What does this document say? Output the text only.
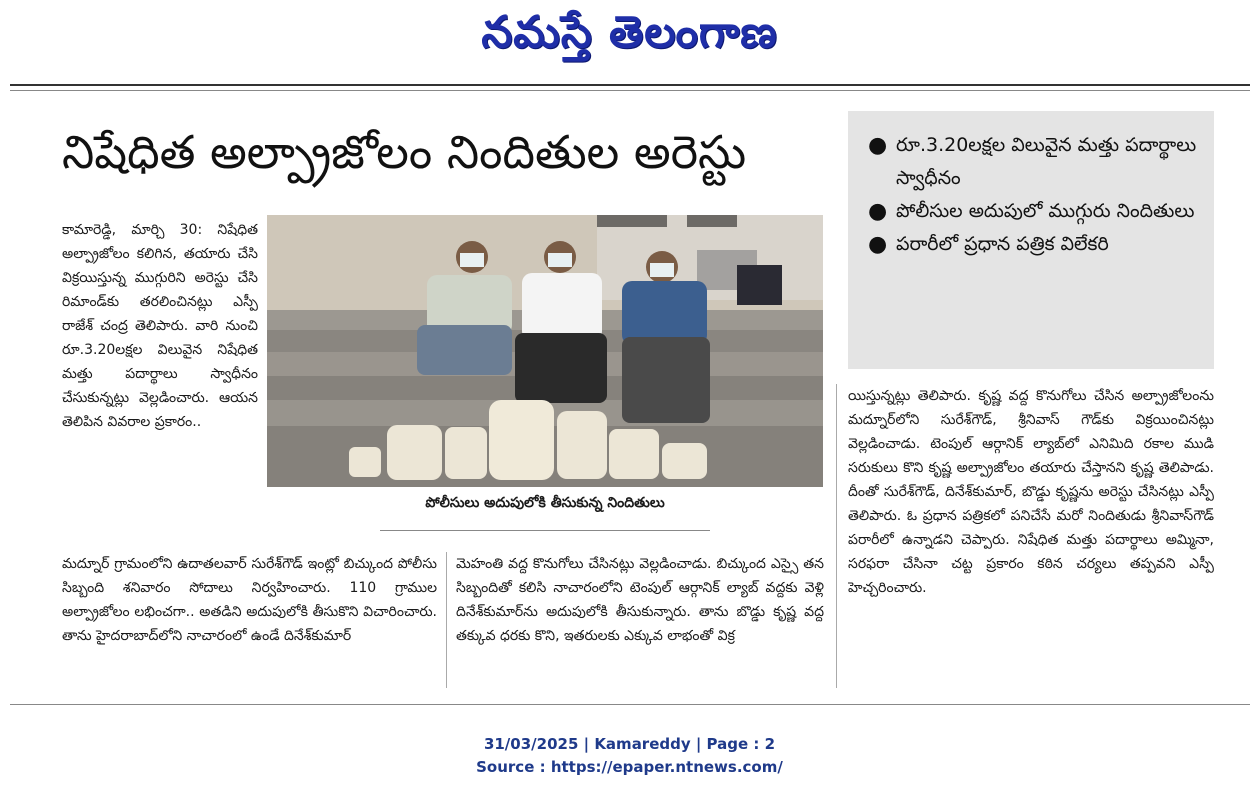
నమస్తే తెలంగాణ
నిషేధిత అల్ప్రాజోలం నిందితుల అరెస్టు	● రూ.3.20లక్షల విలువైన మత్తు పదార్థాలు స్వాధీనం
● పోలీసుల అదుపులో ముగ్గురు నిందితులు
● పరారీలో ప్రధాన పత్రిక విలేకరి
కామారెడ్డి, మార్చి 30: నిషేధిత అల్ప్రాజోలం కలిగిన, తయారు చేసి విక్రయిస్తున్న ముగ్గురిని అరెస్టు చేసి రిమాండ్‌కు తరలించినట్లు ఎస్పీ రాజేశ్ చంద్ర తెలిపారు. వారి నుంచి రూ.3.20లక్షల విలువైన నిషేధిత మత్తు పదార్థాలు స్వాధీనం చేసుకున్నట్లు వెల్లడించారు. ఆయన తెలిపిన వివరాల ప్రకారం..
పోలీసులు అదుపులోకి తీసుకున్న నిందితులు
మద్నూర్ గ్రామంలోని ఉదాతలవార్ సురేశ్‌గౌడ్ ఇంట్లో బిచ్కుంద పోలీసు సిబ్బంది శనివారం సోదాలు నిర్వహించారు. 110 గ్రాముల అల్ప్రాజోలం లభించగా.. అతడిని అదుపులోకి తీసుకొని విచారించారు. తాను హైదరాబాద్‌లోని నాచారంలో ఉండే దినేశ్‌కుమార్
మెహంతి వద్ద కొనుగోలు చేసినట్లు వెల్లడించాడు. బిచ్కుంద ఎస్సై తన సిబ్బందితో కలిసి నాచారంలోని టెంపుల్ ఆర్గానిక్ ల్యాబ్ వద్దకు వెళ్లి దినేశ్‌కుమార్‌ను అదుపులోకి తీసుకున్నారు. తాను బొడ్డు కృష్ణ వద్ద తక్కువ ధరకు కొని, ఇతరులకు ఎక్కువ లాభంతో విక్ర
యిస్తున్నట్లు తెలిపారు. కృష్ణ వద్ద కొనుగోలు చేసిన అల్ప్రాజోలంను మద్నూర్‌లోని సురేశ్‌గౌడ్, శ్రీనివాస్ గౌడ్‌కు విక్రయించినట్లు వెల్లడించాడు. టెంపుల్ ఆర్గానిక్ ల్యాబ్‌లో ఎనిమిది రకాల ముడి సరుకులు కొని కృష్ణ అల్ప్రాజోలం తయారు చేస్తానని కృష్ణ తెలిపాడు. దీంతో సురేశ్‌గౌడ్, దినేశ్‌కుమార్, బొడ్డు కృష్ణను అరెస్టు చేసినట్లు ఎస్పీ తెలిపారు. ఓ ప్రధాన పత్రికలో పనిచేసే మరో నిందితుడు శ్రీనివాస్‌గౌడ్ పరారీలో ఉన్నాడని చెప్పారు. నిషేధిత మత్తు పదార్థాలు అమ్మినా, సరఫరా చేసినా చట్ట ప్రకారం కఠిన చర్యలు తప్పవని ఎస్పీ హెచ్చరించారు.
31/03/2025 | Kamareddy | Page : 2
Source : https://epaper.ntnews.com/
